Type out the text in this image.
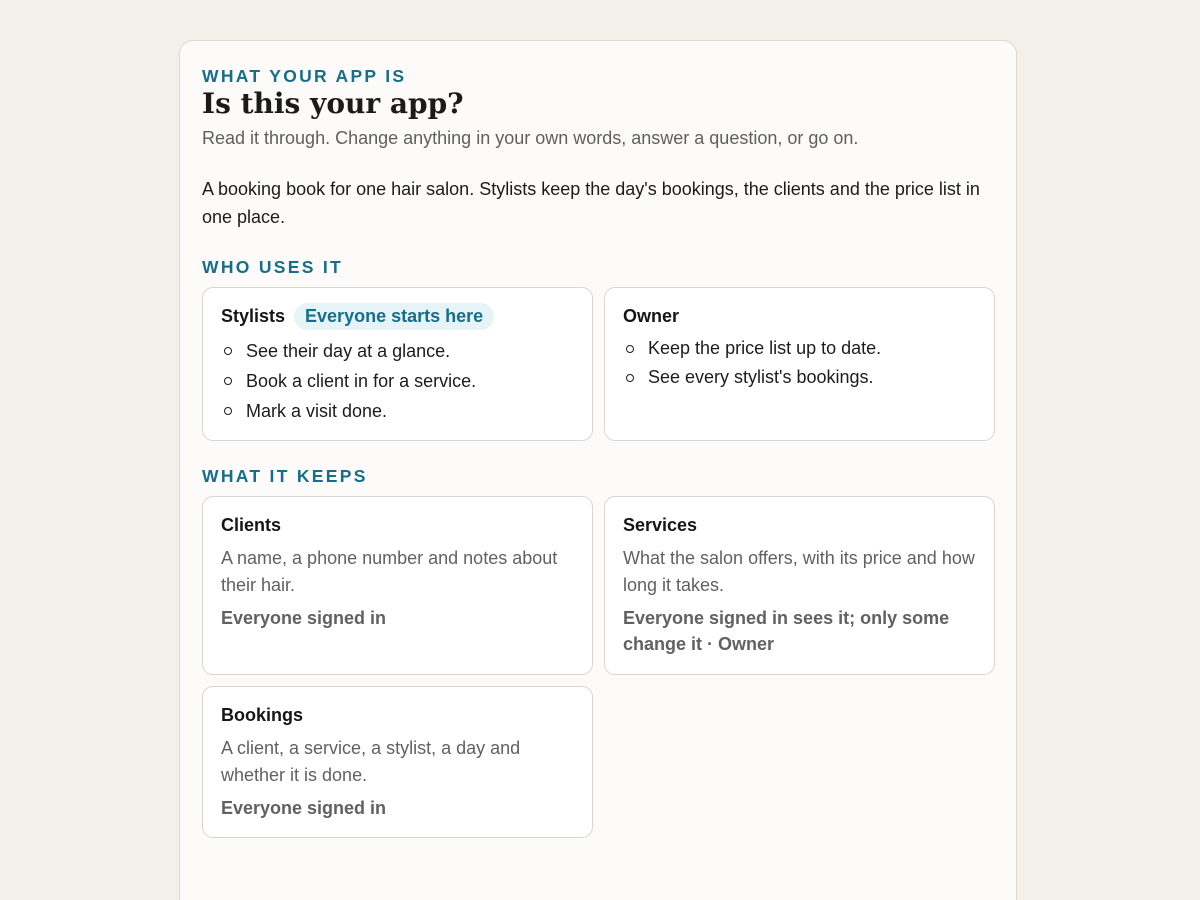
WHAT YOUR APP IS

Is this your app?

Read it through. Change anything in your own words, answer a question, or go on.

A booking book for one hair salon. Stylists keep the day's bookings, the clients and the price list in one place.

WHO USES IT

Stylists	Everyone starts here
See their day at a glance.
Book a client in for a service.
Mark a visit done.
Owner
Keep the price list up to date.
See every stylist's bookings.

WHAT IT KEEPS

Clients

A name, a phone number and notes about their hair.

Everyone signed in

Services

What the salon offers, with its price and how long it takes.

Everyone signed in sees it; only some change it · Owner

Bookings

A client, a service, a stylist, a day and whether it is done.

Everyone signed in
